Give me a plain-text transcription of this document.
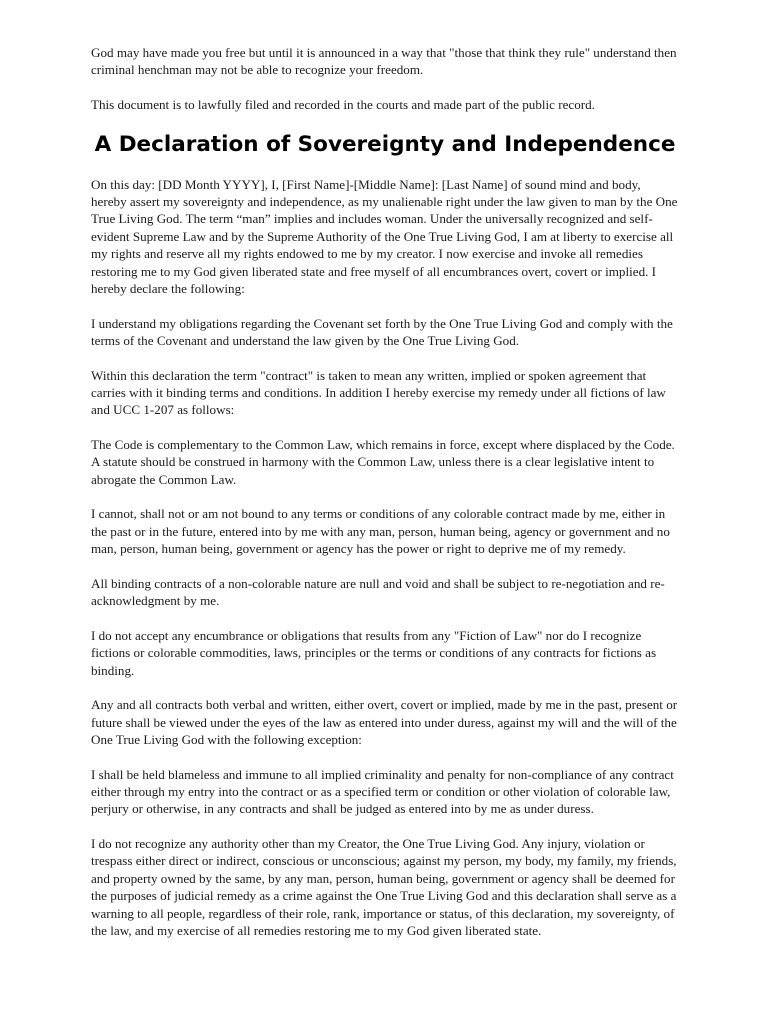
God may have made you free but until it is announced in a way that "those that think they rule" understand then criminal henchman may not be able to recognize your freedom.

This document is to lawfully filed and recorded in the courts and made part of the public record.

A Declaration of Sovereignty and Independence

On this day: [DD Month YYYY], I, [First Name]-[Middle Name]: [Last Name] of sound mind and body, hereby assert my sovereignty and independence, as my unalienable right under the law given to man by the One True Living God. The term “man” implies and includes woman. Under the universally recognized and self-evident Supreme Law and by the Supreme Authority of the One True Living God, I am at liberty to exercise all my rights and reserve all my rights endowed to me by my creator. I now exercise and invoke all remedies restoring me to my God given liberated state and free myself of all encumbrances overt, covert or implied. I hereby declare the following:

I understand my obligations regarding the Covenant set forth by the One True Living God and comply with the terms of the Covenant and understand the law given by the One True Living God.

Within this declaration the term "contract" is taken to mean any written, implied or spoken agreement that carries with it binding terms and conditions. In addition I hereby exercise my remedy under all fictions of law and UCC 1-207 as follows:

The Code is complementary to the Common Law, which remains in force, except where displaced by the Code. A statute should be construed in harmony with the Common Law, unless there is a clear legislative intent to abrogate the Common Law.

I cannot, shall not or am not bound to any terms or conditions of any colorable contract made by me, either in the past or in the future, entered into by me with any man, person, human being, agency or government and no man, person, human being, government or agency has the power or right to deprive me of my remedy.

All binding contracts of a non-colorable nature are null and void and shall be subject to re-negotiation and re-acknowledgment by me.

I do not accept any encumbrance or obligations that results from any "Fiction of Law" nor do I recognize fictions or colorable commodities, laws, principles or the terms or conditions of any contracts for fictions as binding.

Any and all contracts both verbal and written, either overt, covert or implied, made by me in the past, present or future shall be viewed under the eyes of the law as entered into under duress, against my will and the will of the One True Living God with the following exception:

I shall be held blameless and immune to all implied criminality and penalty for non-compliance of any contract either through my entry into the contract or as a specified term or condition or other violation of colorable law, perjury or otherwise, in any contracts and shall be judged as entered into by me as under duress.

I do not recognize any authority other than my Creator, the One True Living God. Any injury, violation or trespass either direct or indirect, conscious or unconscious; against my person, my body, my family, my friends, and property owned by the same, by any man, person, human being, government or agency shall be deemed for the purposes of judicial remedy as a crime against the One True Living God and this declaration shall serve as a warning to all people, regardless of their role, rank, importance or status, of this declaration, my sovereignty, of the law, and my exercise of all remedies restoring me to my God given liberated state.
